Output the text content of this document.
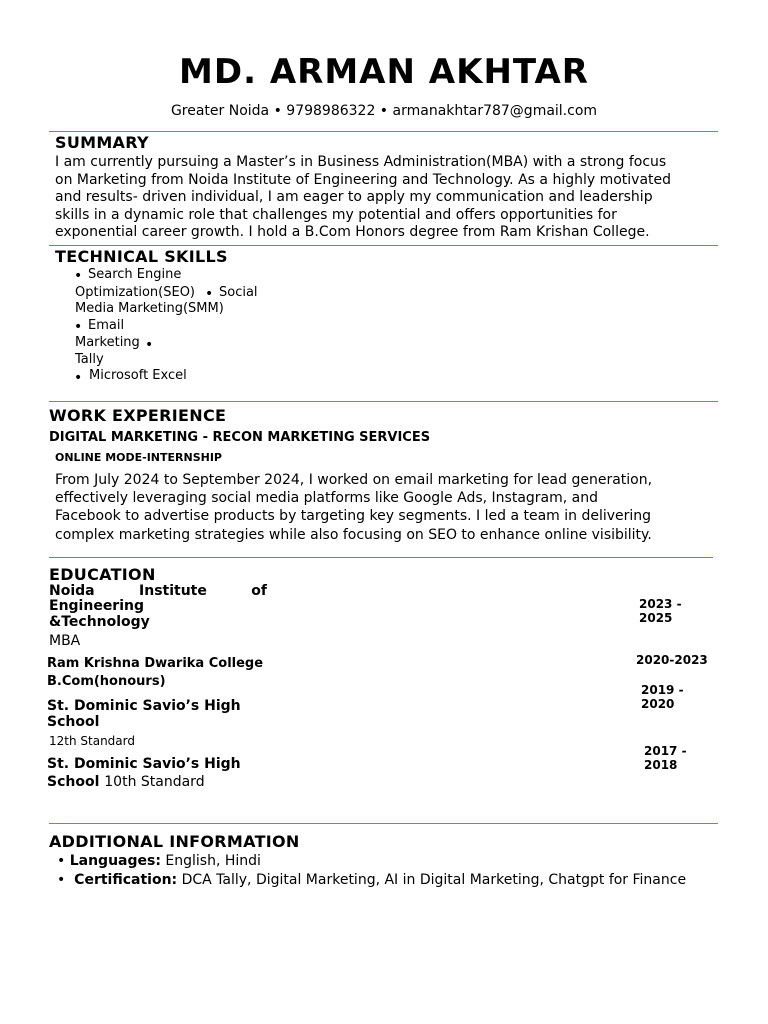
MD. ARMAN AKHTAR
Greater Noida • 9798986322 • armanakhtar787@gmail.com
SUMMARY
I am currently pursuing a Master’s in Business Administration(MBA) with a strong focus
on Marketing from Noida Institute of Engineering and Technology. As a highly motivated
and results- driven individual, I am eager to apply my communication and leadership
skills in a dynamic role that challenges my potential and offers opportunities for
exponential career growth. I hold a B.Com Honors degree from Ram Krishan College.
TECHNICAL SKILLS
• Search Engine
Optimization(SEO) • Social
Media Marketing(SMM)
• Email
Marketing •
Tally
• Microsoft Excel
WORK EXPERIENCE
DIGITAL MARKETING - RECON MARKETING SERVICES
ONLINE MODE-INTERNSHIP
From July 2024 to September 2024, I worked on email marketing for lead generation,
effectively leveraging social media platforms like Google Ads, Instagram, and
Facebook to advertise products by targeting key segments. I led a team in delivering
complex marketing strategies while also focusing on SEO to enhance online visibility.
EDUCATION
Noida	Institute	of
Engineering
&Technology
MBA
2023 -
2025
Ram Krishna Dwarika College
B.Com(honours)
2020-2023
St. Dominic Savio’s High
School
12th Standard
2019 -
2020
St. Dominic Savio’s High
School 10th Standard
2017 -
2018
ADDITIONAL INFORMATION
• Languages: English, Hindi
• Certification: DCA Tally, Digital Marketing, AI in Digital Marketing, Chatgpt for Finance
